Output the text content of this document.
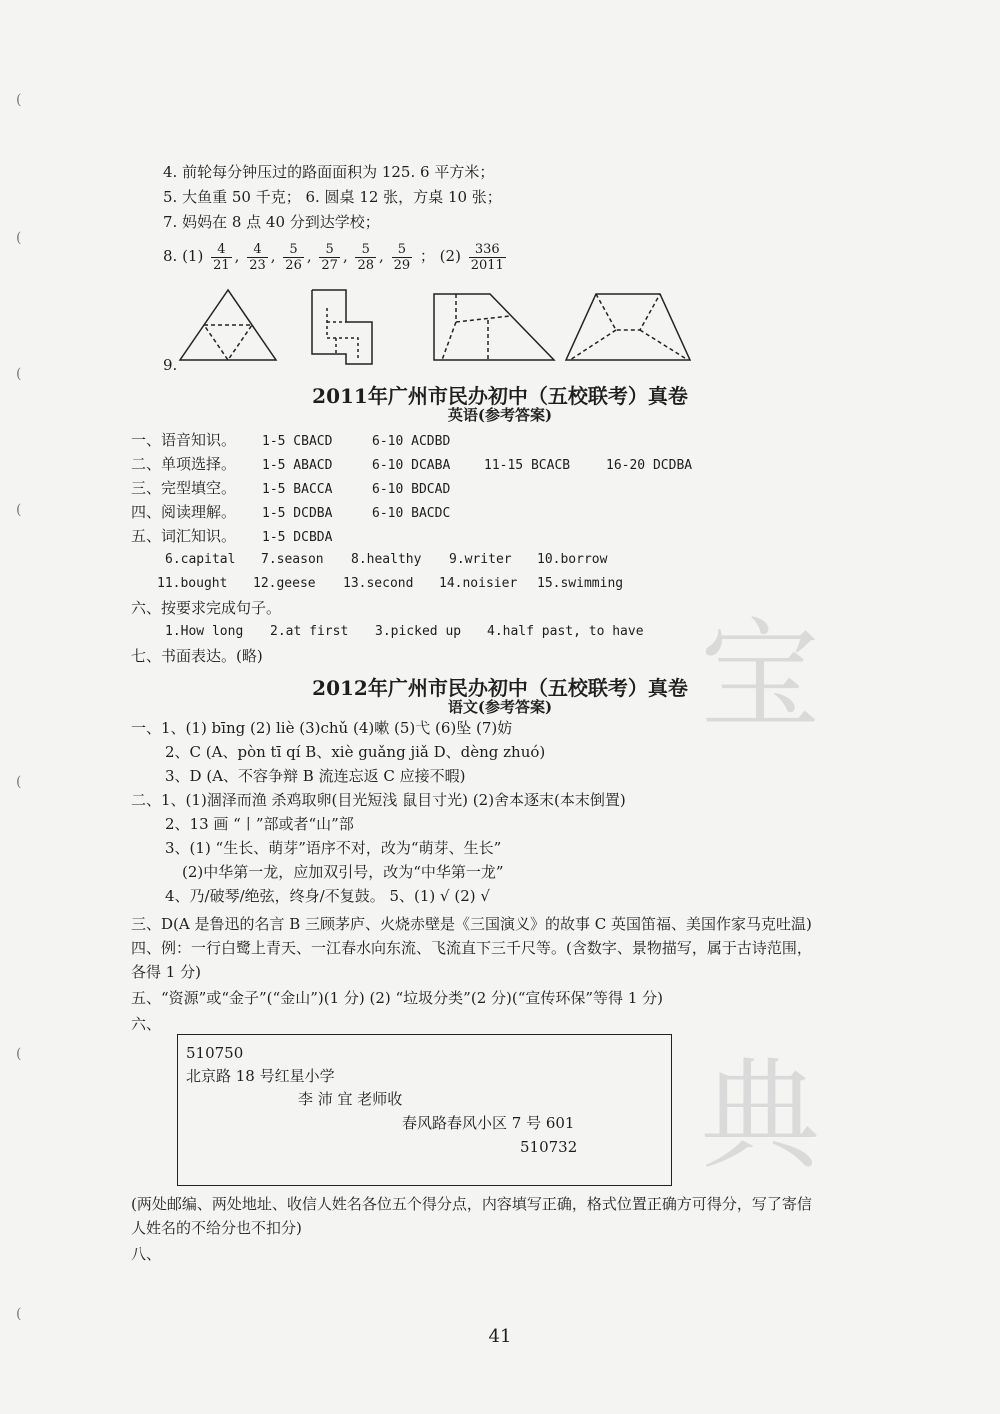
宝
典
(
(
(
(
(
(
(
4. 前轮每分钟压过的路面面积为 125. 6 平方米；
5. 大鱼重 50 千克； 6. 圆桌 12 张，方桌 10 张；
7. 妈妈在 8 点 40 分到达学校；
8. $(1) \frac{4}{21}$ , $\frac{4}{23}$ , $\frac{5}{26}$ , $\frac{5}{27}$ , $\frac{5}{28}$ , $\frac{5}{29}$ ； $(2) \frac{336}{2011}$
9.
2011年广州市民办初中（五校联考）真卷
英语(参考答案)
一、语音知识。 1-5 CBACD	6-10 ACDBD
二、单项选择。 1-5 ABACD	6-10 DCABA	11-15 BCACB	16-20 DCDBA
三、完型填空。 1-5 BACCA	6-10 BDCAD
四、阅读理解。 1-5 DCDBA	6-10 BACDC
五、词汇知识。 1-5 DCBDA
6.capital 7.season 8.healthy 9.writer 10.borrow
11.bought 12.geese 13.second 14.noisier 15.swimming
六、按要求完成句子。
1.How long 2.at first 3.picked up 4.half past, to have
七、书面表达。(略)
2012年广州市民办初中（五校联考）真卷
语文(参考答案)
一、1、(1) bīng (2) liè (3)chǔ (4)嗽 (5)弋 (6)坠 (7)妨
2、C (A、pòn tī qí B、xiè guǎng jiǎ D、dèng zhuó)
3、D (A、不容争辩 B 流连忘返 C 应接不暇)
二、1、(1)涸泽而渔 杀鸡取卵(目光短浅 鼠目寸光) (2)舍本逐末(本末倒置)
2、13 画 “丨”部或者“山”部
3、(1) “生长、萌芽”语序不对，改为“萌芽、生长”
(2)中华第一龙，应加双引号，改为“中华第一龙”
4、乃/破琴/绝弦，终身/不复鼓。 5、(1) √ (2) √
三、D(A 是鲁迅的名言 B 三顾茅庐、火烧赤壁是《三国演义》的故事 C 英国笛福、美国作家马克吐温)
四、例：一行白鹭上青天、一江春水向东流、飞流直下三千尺等。(含数字、景物描写，属于古诗范围，
各得 1 分)
五、“资源”或“金子”(“金山”)(1 分) (2) “垃圾分类”(2 分)(“宣传环保”等得 1 分)
六、
510750
北京路 18 号红星小学
李 沛 宜 老师收
春风路春风小区 7 号 601
510732
(两处邮编、两处地址、收信人姓名各位五个得分点，内容填写正确，格式位置正确方可得分，写了寄信
人姓名的不给分也不扣分)
八、
41
